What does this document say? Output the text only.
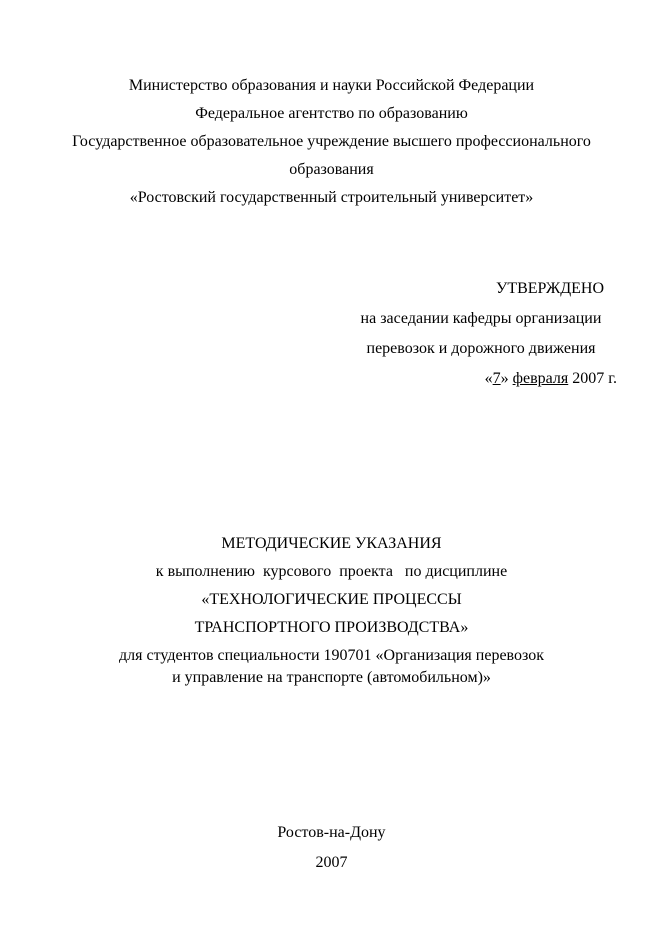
Министерство образования и науки Российской Федерации
Федеральное агентство по образованию
Государственное образовательное учреждение высшего профессионального
образования
«Ростовский государственный строительный университет»
УТВЕРЖДЕНО
на заседании кафедры организации
перевозок и дорожного движения
«7» февраля 2007 г.
МЕТОДИЧЕСКИЕ УКАЗАНИЯ
к выполнению  курсового  проекта   по дисциплине
«ТЕХНОЛОГИЧЕСКИЕ ПРОЦЕССЫ
ТРАНСПОРТНОГО ПРОИЗВОДСТВА»
для студентов специальности 190701 «Организация перевозок
и управление на транспорте (автомобильном)»
Ростов-на-Дону
2007
